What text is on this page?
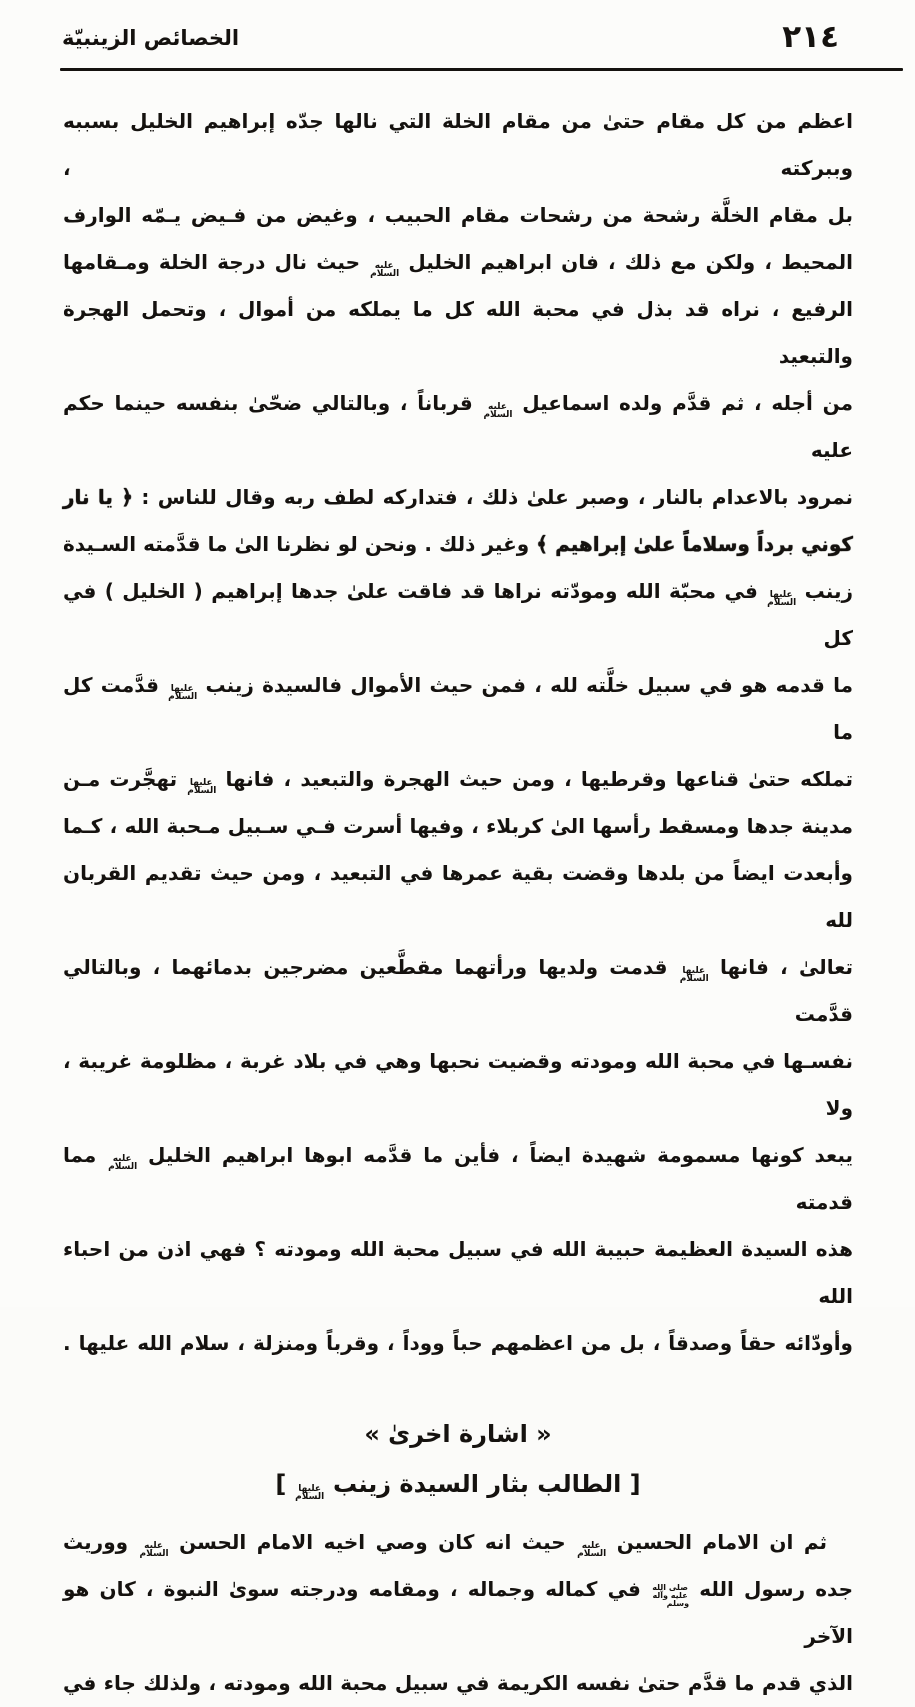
الخصائص الزينبيّة	٢١٤
اعظم من كل مقام حتىٰ من مقام الخلة التي نالها جدّه إبراهيم الخليل بسببه وببركته ،
بل مقام الخلَّة رشحة من رشحات مقام الحبيب ، وغيض من فـيض يـمّه الوارف
المحيط ، ولكن مع ذلك ، فان ابراهيم الخليل عليه السلام حيث نال درجة الخلة ومـقامها
الرفيع ، نراه قد بذل في محبة الله كل ما يملكه من أموال ، وتحمل الهجرة والتبعيد
من أجله ، ثم قدَّم ولده اسماعيل عليه السلام قرباناً ، وبالتالي ضحّىٰ بنفسه حينما حكم عليه
نمرود بالاعدام بالنار ، وصبر علىٰ ذلك ، فتداركه لطف ربه وقال للناس : ﴿ يا نار
كوني برداً وسلاماً علىٰ إبراهيم ﴾ وغير ذلك . ونحن لو نظرنا الىٰ ما قدَّمته السـيدة
زينب عليها السلام في محبّة الله ومودّته نراها قد فاقت علىٰ جدها إبراهيم ( الخليل ) في كل
ما قدمه هو في سبيل خلَّته لله ، فمن حيث الأموال فالسيدة زينب عليها السلام قدَّمت كل ما
تملكه حتىٰ قناعها وقرطيها ، ومن حيث الهجرة والتبعيد ، فانها عليها السلام تهجَّرت مـن
مدينة جدها ومسقط رأسها الىٰ كربلاء ، وفيها أسرت فـي سـبيل مـحبة الله ، كـما
وأبعدت ايضاً من بلدها وقضت بقية عمرها في التبعيد ، ومن حيث تقديم القربان لله
تعالىٰ ، فانها عليها السلام قدمت ولديها ورأتهما مقطَّعين مضرجين بدمائهما ، وبالتالي قدَّمت
نفسـها في محبة الله ومودته وقضيت نحبها وهي في بلاد غربة ، مظلومة غريبة ، ولا
يبعد كونها مسمومة شهيدة ايضاً ، فأين ما قدَّمه ابوها ابراهيم الخليل عليه السلام مما قدمته
هذه السيدة العظيمة حبيبة الله في سبيل محبة الله ومودته ؟ فهي اذن من احباء الله
وأودّائه حقاً وصدقاً ، بل من اعظمهم حباً ووداً ، وقرباً ومنزلة ، سلام الله عليها .
« اشارة اخرىٰ »
[ الطالب بثار السيدة زينب عليها السلام ]
ثم ان الامام الحسين عليه السلام حيث انه كان وصي اخيه الامام الحسن عليه السلام ووريث
جده رسول الله صلى الله عليه وآله وسلم في كماله وجماله ، ومقامه ودرجته سوىٰ النبوة ، كان هو الآخر
الذي قدم ما قدَّم حتىٰ نفسه الكريمة في سبيل محبة الله ومودته ، ولذلك جاء في
